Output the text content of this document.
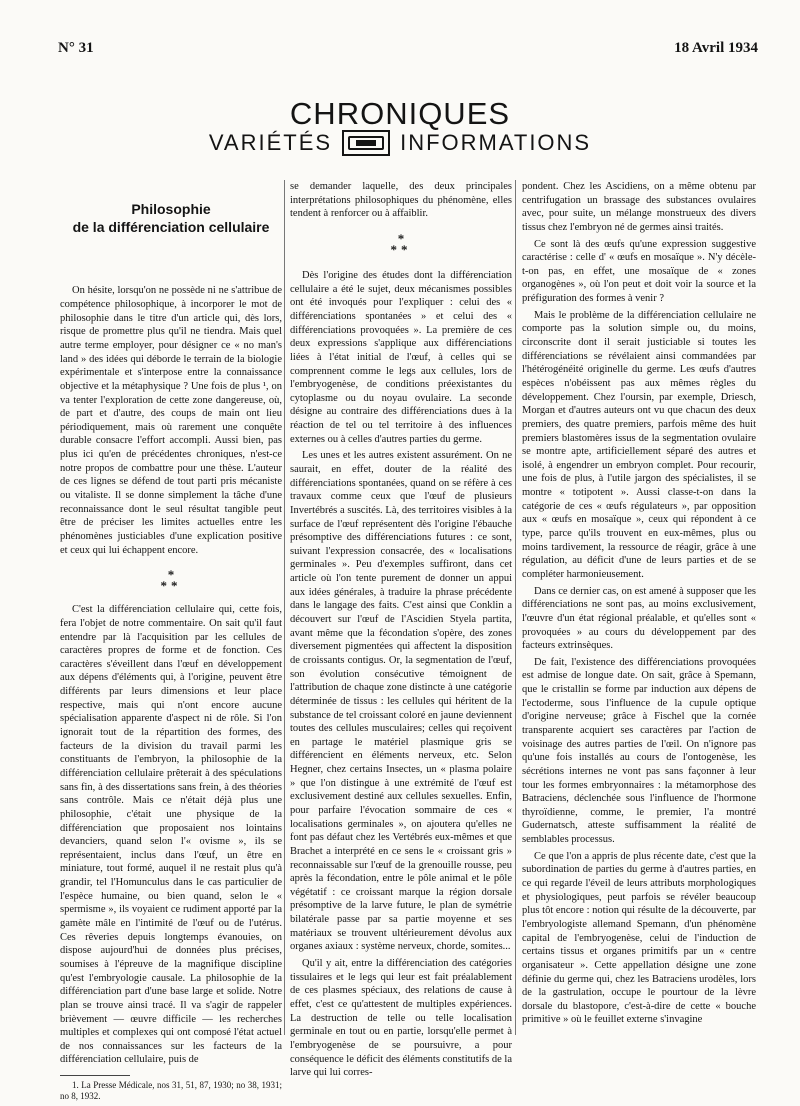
N° 31	18 Avril 1934
CHRONIQUES
VARIÉTÉS	INFORMATIONS
Philosophie
de la différenciation cellulaire

On hésite, lorsqu'on ne possède ni ne s'attribue de compétence philosophique, à incorporer le mot de philosophie dans le titre d'un article qui, dès lors, risque de promettre plus qu'il ne tiendra. Mais quel autre terme employer, pour désigner ce « no man's land » des idées qui déborde le terrain de la biologie expérimentale et s'interpose entre la connaissance objective et la métaphysique ? Une fois de plus ¹, on va tenter l'exploration de cette zone dangereuse, où, de part et d'autre, des coups de main ont lieu périodiquement, mais où rarement une conquête durable consacre l'effort accompli. Aussi bien, pas plus ici qu'en de précédentes chroniques, n'est-ce notre propos de combattre pour une thèse. L'auteur de ces lignes se défend de tout parti pris mécaniste ou vitaliste. Il se donne simplement la tâche d'une reconnaissance dont le seul résultat tangible peut être de préciser les limites actuelles entre les phénomènes justiciables d'une explication positive et ceux qui lui échappent encore.

*
**

C'est la différenciation cellulaire qui, cette fois, fera l'objet de notre commentaire. On sait qu'il faut entendre par là l'acquisition par les cellules de caractères propres de forme et de fonction. Ces caractères s'éveillent dans l'œuf en développement aux dépens d'éléments qui, à l'origine, peuvent être différents par leurs dimensions et leur place respective, mais qui n'ont encore aucune spécialisation apparente d'aspect ni de rôle. Si l'on ignorait tout de la répartition des formes, des facteurs de la division du travail parmi les constituants de l'embryon, la philosophie de la différenciation cellulaire prêterait à des spéculations sans fin, à des dissertations sans frein, à des théories sans contrôle. Mais ce n'était déjà plus une philosophie, c'était une physique de la différenciation que proposaient nos lointains devanciers, quand selon l'« ovisme », ils se représentaient, inclus dans l'œuf, un être en miniature, tout formé, auquel il ne restait plus qu'à grandir, tel l'Homunculus dans le cas particulier de l'espèce humaine, ou bien quand, selon le « spermisme », ils voyaient ce rudiment apporté par la gamète mâle en l'intimité de l'œuf ou de l'utérus. Ces rêveries depuis longtemps évanouies, on dispose aujourd'hui de données plus précises, soumises à l'épreuve de la magnifique discipline qu'est l'embryologie causale. La philosophie de la différenciation part d'une base large et solide. Notre plan se trouve ainsi tracé. Il va s'agir de rappeler brièvement — œuvre difficile — les recherches multiples et complexes qui ont composé l'état actuel de nos connaissances sur les facteurs de la différenciation cellulaire, puis de

1. La Presse Médicale, nos 31, 51, 87, 1930; no 38, 1931; no 8, 1932.

se demander laquelle, des deux principales interprétations philosophiques du phénomène, elles tendent à renforcer ou à affaiblir.

*
**

Dès l'origine des études dont la différenciation cellulaire a été le sujet, deux mécanismes possibles ont été invoqués pour l'expliquer : celui des « différenciations spontanées » et celui des « différenciations provoquées ». La première de ces deux expressions s'applique aux différenciations liées à l'état initial de l'œuf, à celles qui se comprennent comme le legs aux cellules, lors de l'embryogenèse, de conditions préexistantes du cytoplasme ou du noyau ovulaire. La seconde désigne au contraire des différenciations dues à la réaction de tel ou tel territoire à des influences externes ou à celles d'autres parties du germe.

Les unes et les autres existent assurément. On ne saurait, en effet, douter de la réalité des différenciations spontanées, quand on se réfère à ces travaux comme ceux que l'œuf de plusieurs Invertébrés a suscités. Là, des territoires visibles à la surface de l'œuf représentent dès l'origine l'ébauche présomptive des différenciations futures : ce sont, suivant l'expression consacrée, des « localisations germinales ». Peu d'exemples suffiront, dans cet article où l'on tente purement de donner un appui aux idées générales, à traduire la phrase précédente dans le langage des faits. C'est ainsi que Conklin a découvert sur l'œuf de l'Ascidien Styela partita, avant même que la fécondation s'opère, des zones diversement pigmentées qui affectent la disposition de croissants contigus. Or, la segmentation de l'œuf, son évolution consécutive témoignent de l'attribution de chaque zone distincte à une catégorie déterminée de tissus : les cellules qui héritent de la substance de tel croissant coloré en jaune deviennent toutes des cellules musculaires; celles qui reçoivent en partage le matériel plasmique gris se différencient en éléments nerveux, etc. Selon Hegner, chez certains Insectes, un « plasma polaire » que l'on distingue à une extrémité de l'œuf est exclusivement destiné aux cellules sexuelles. Enfin, pour parfaire l'évocation sommaire de ces « localisations germinales », on ajoutera qu'elles ne font pas défaut chez les Vertébrés eux-mêmes et que Brachet a interprété en ce sens le « croissant gris » reconnaissable sur l'œuf de la grenouille rousse, peu après la fécondation, entre le pôle animal et le pôle végétatif : ce croissant marque la région dorsale présomptive de la larve future, le plan de symétrie bilatérale passe par sa partie moyenne et ses matériaux se trouvent ultérieurement dévolus aux organes axiaux : système nerveux, chorde, somites...

Qu'il y ait, entre la différenciation des catégories tissulaires et le legs qui leur est fait préalablement de ces plasmes spéciaux, des relations de cause à effet, c'est ce qu'attestent de multiples expériences. La destruction de telle ou telle localisation germinale en tout ou en partie, lorsqu'elle permet à l'embryogenèse de se poursuivre, a pour conséquence le déficit des éléments constitutifs de la larve qui lui corres-

pondent. Chez les Ascidiens, on a même obtenu par centrifugation un brassage des substances ovulaires avec, pour suite, un mélange monstrueux des divers tissus chez l'embryon né de germes ainsi traités.

Ce sont là des œufs qu'une expression suggestive caractérise : celle d' « œufs en mosaïque ». N'y décèle-t-on pas, en effet, une mosaïque de « zones organogènes », où l'on peut et doit voir la source et la préfiguration des formes à venir ?

Mais le problème de la différenciation cellulaire ne comporte pas la solution simple ou, du moins, circonscrite dont il serait justiciable si toutes les différenciations se révélaient ainsi commandées par l'hétérogénéité originelle du germe. Les œufs d'autres espèces n'obéissent pas aux mêmes règles du développement. Chez l'oursin, par exemple, Driesch, Morgan et d'autres auteurs ont vu que chacun des deux premiers, des quatre premiers, parfois même des huit premiers blastomères issus de la segmentation ovulaire se montre apte, artificiellement séparé des autres et isolé, à engendrer un embryon complet. Pour recourir, une fois de plus, à l'utile jargon des spécialistes, il se montre « totipotent ». Aussi classe-t-on dans la catégorie de ces « œufs régulateurs », par opposition aux « œufs en mosaïque », ceux qui répondent à ce type, parce qu'ils trouvent en eux-mêmes, plus ou moins tardivement, la ressource de réagir, grâce à une régulation, au déficit d'une de leurs parties et de se compléter harmonieusement.

Dans ce dernier cas, on est amené à supposer que les différenciations ne sont pas, au moins exclusivement, l'œuvre d'un état régional préalable, et qu'elles sont « provoquées » au cours du développement par des facteurs extrinsèques.

De fait, l'existence des différenciations provoquées est admise de longue date. On sait, grâce à Spemann, que le cristallin se forme par induction aux dépens de l'ectoderme, sous l'influence de la cupule optique d'origine nerveuse; grâce à Fischel que la cornée transparente acquiert ses caractères par l'action de voisinage des autres parties de l'œil. On n'ignore pas qu'une fois installés au cours de l'ontogenèse, les sécrétions internes ne vont pas sans façonner à leur tour les formes embryonnaires : la métamorphose des Batraciens, déclenchée sous l'influence de l'hormone thyroïdienne, comme, le premier, l'a montré Gudernatsch, atteste suffisamment la réalité de semblables processus.

Ce que l'on a appris de plus récente date, c'est que la subordination de parties du germe à d'autres parties, en ce qui regarde l'éveil de leurs attributs morphologiques et physiologiques, peut parfois se révéler beaucoup plus tôt encore : notion qui résulte de la découverte, par l'embryologiste allemand Spemann, d'un phénomène capital de l'embryogenèse, celui de l'induction de certains tissus et organes primitifs par un « centre organisateur ». Cette appellation désigne une zone définie du germe qui, chez les Batraciens urodèles, lors de la gastrulation, occupe le pourtour de la lèvre dorsale du blastopore, c'est-à-dire de cette « bouche primitive » où le feuillet externe s'invagine
